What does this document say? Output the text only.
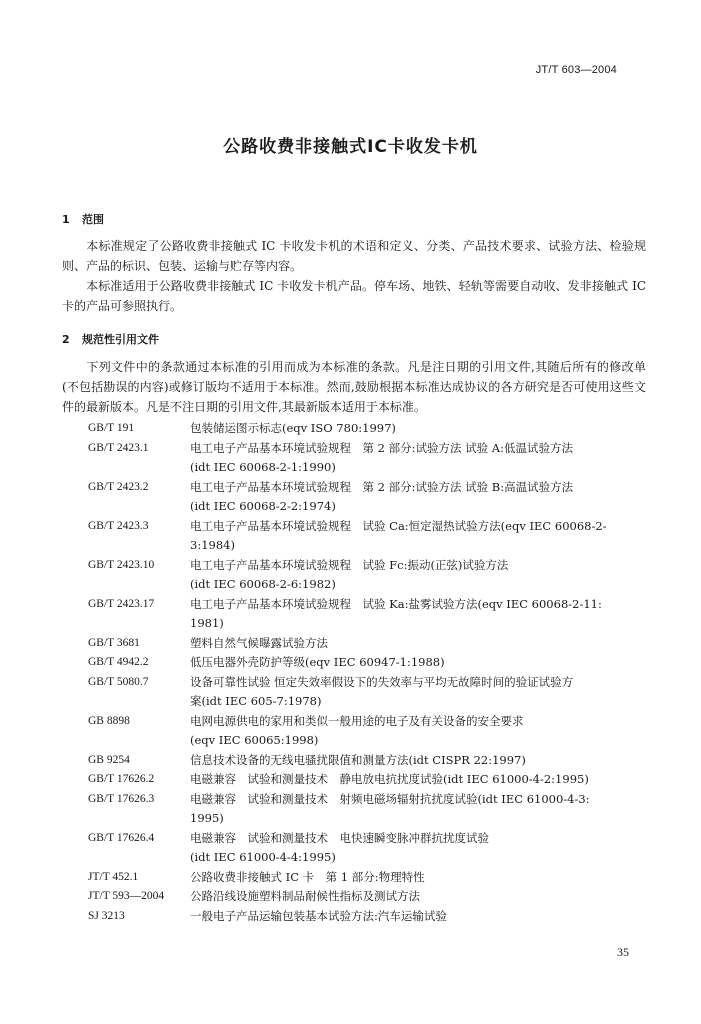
JT/T 603—2004
公路收费非接触式IC卡收发卡机
1 范围
本标准规定了公路收费非接触式 IC 卡收发卡机的术语和定义、分类、产品技术要求、试验方法、检验规则、产品的标识、包装、运输与贮存等内容。
本标准适用于公路收费非接触式 IC 卡收发卡机产品。停车场、地铁、轻轨等需要自动收、发非接触式 IC 卡的产品可参照执行。
2 规范性引用文件
下列文件中的条款通过本标准的引用而成为本标准的条款。凡是注日期的引用文件,其随后所有的修改单(不包括勘误的内容)或修订版均不适用于本标准。然而,鼓励根据本标准达成协议的各方研究是否可使用这些文件的最新版本。凡是不注日期的引用文件,其最新版本适用于本标准。
GB/T 191	包装储运图示标志(eqv ISO 780:1997)
GB/T 2423.1	电工电子产品基本环境试验规程　第 2 部分:试验方法 试验 A:低温试验方法
(idt IEC 60068-2-1:1990)
GB/T 2423.2	电工电子产品基本环境试验规程　第 2 部分:试验方法 试验 B:高温试验方法
(idt IEC 60068-2-2:1974)
GB/T 2423.3	电工电子产品基本环境试验规程　试验 Ca:恒定湿热试验方法(eqv IEC 60068-2-
3:1984)
GB/T 2423.10	电工电子产品基本环境试验规程　试验 Fc:振动(正弦)试验方法
(idt IEC 60068-2-6:1982)
GB/T 2423.17	电工电子产品基本环境试验规程　试验 Ka:盐雾试验方法(eqv IEC 60068-2-11:
1981)
GB/T 3681	塑料自然气候曝露试验方法
GB/T 4942.2	低压电器外壳防护等级(eqv IEC 60947-1:1988)
GB/T 5080.7	设备可靠性试验 恒定失效率假设下的失效率与平均无故障时间的验证试验方
案(idt IEC 605-7:1978)
GB 8898	电网电源供电的家用和类似一般用途的电子及有关设备的安全要求
(eqv IEC 60065:1998)
GB 9254	信息技术设备的无线电骚扰限值和测量方法(idt CISPR 22:1997)
GB/T 17626.2	电磁兼容　试验和测量技术　静电放电抗扰度试验(idt IEC 61000-4-2:1995)
GB/T 17626.3	电磁兼容　试验和测量技术　射频电磁场辐射抗扰度试验(idt IEC 61000-4-3:
1995)
GB/T 17626.4	电磁兼容　试验和测量技术　电快速瞬变脉冲群抗扰度试验
(idt IEC 61000-4-4:1995)
JT/T 452.1	公路收费非接触式 IC 卡　第 1 部分:物理特性
JT/T 593—2004	公路沿线设施塑料制品耐候性指标及测试方法
SJ 3213	一般电子产品运输包装基本试验方法:汽车运输试验
35
